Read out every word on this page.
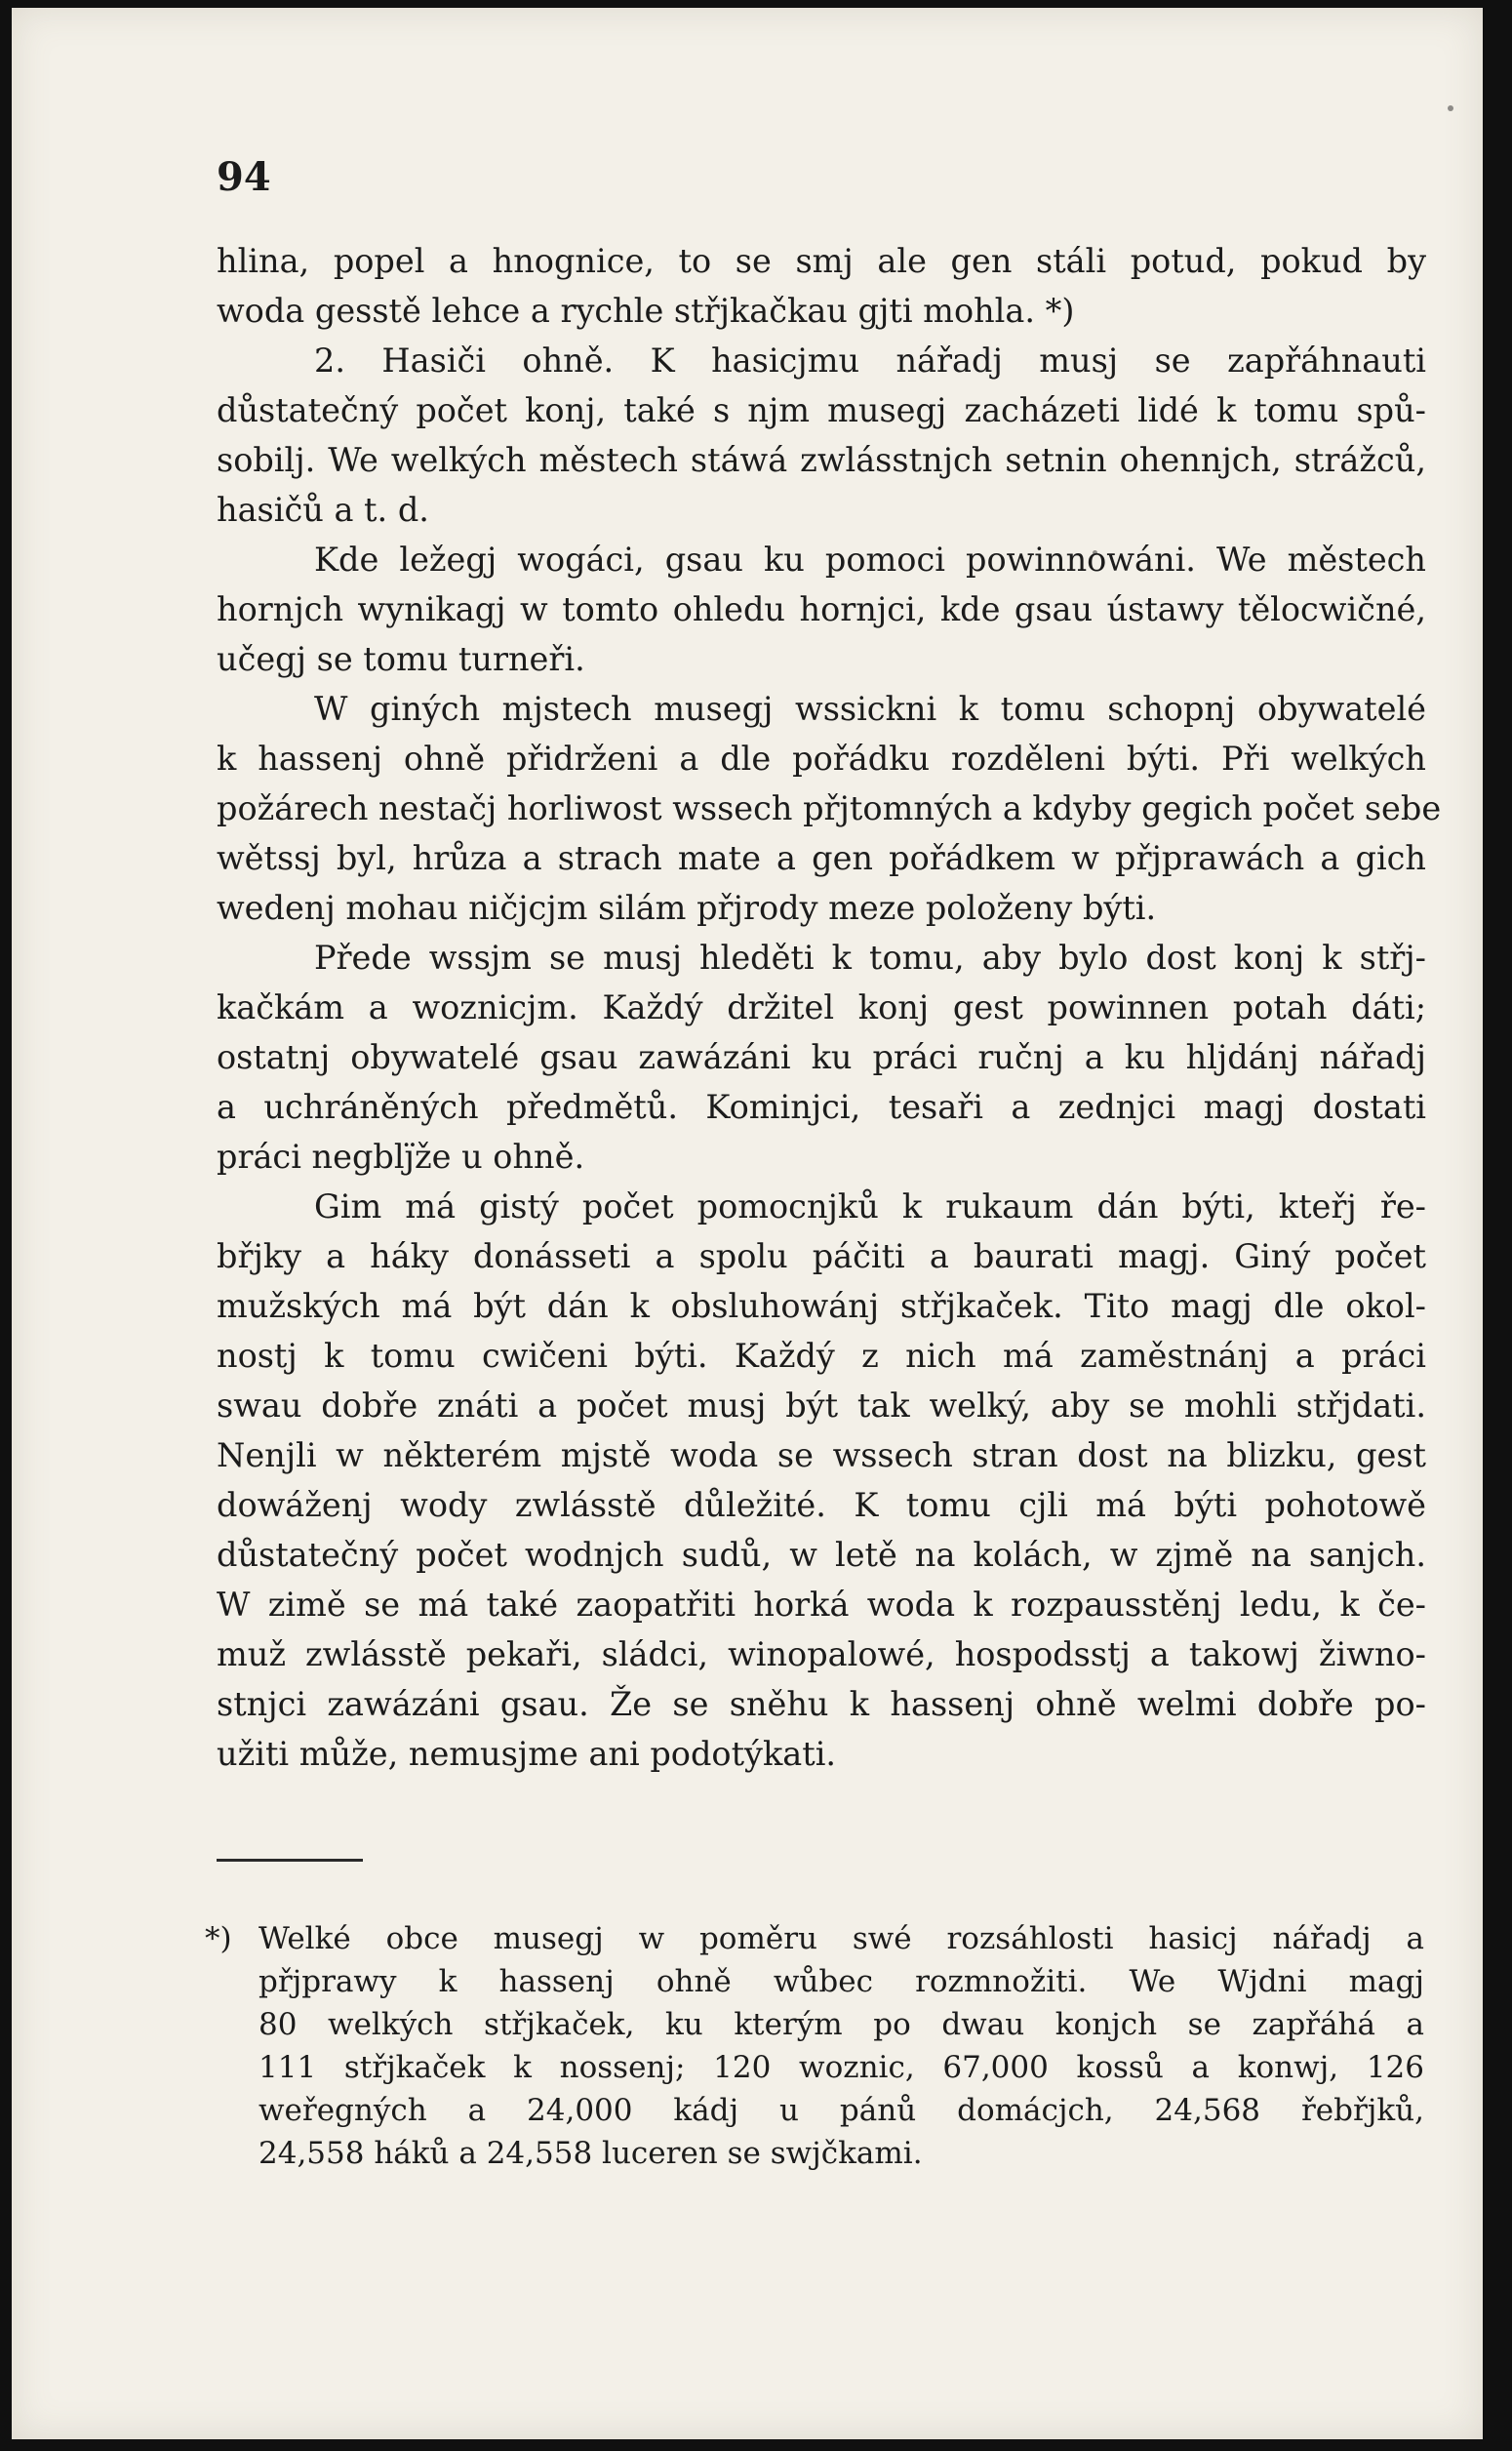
94
hlina, popel a hnognice, to se smj ale gen stáli potud, pokud by
woda gesstě lehce a rychle střjkačkau gjti mohla. *)
2. Hasiči ohně. K hasicjmu nářadj musj se zapřáhnauti
důstatečný počet konj, také s njm musegj zacházeti lidé k tomu spů-
sobilj. We welkých městech stáwá zwlásstnjch setnin ohennjch, strážců,
hasičů a t. d.
Kde ležegj wogáci, gsau ku pomoci powinnowáni. We městech
hornjch wynikagj w tomto ohledu hornjci, kde gsau ústawy tělocwičné,
učegj se tomu turneři.
W giných mjstech musegj wssickni k tomu schopnj obywatelé
k hassenj ohně přidrženi a dle pořádku rozděleni býti. Při welkých
požárech nestačj horliwost wssech přjtomných a kdyby gegich počet sebe
wětssj byl, hrůza a strach mate a gen pořádkem w přjprawách a gich
wedenj mohau ničjcjm silám přjrody meze položeny býti.
Přede wssjm se musj hleděti k tomu, aby bylo dost konj k střj-
kačkám a woznicjm. Každý držitel konj gest powinnen potah dáti;
ostatnj obywatelé gsau zawázáni ku práci ručnj a ku hljdánj nářadj
a uchráněných předmětů. Kominjci, tesaři a zednjci magj dostati
práci negblj̈že u ohně.
Gim má gistý počet pomocnjků k rukaum dán býti, kteřj ře-
břjky a háky donásseti a spolu páčiti a baurati magj. Giný počet
mužských má být dán k obsluhowánj střjkaček. Tito magj dle okol-
nostj k tomu cwičeni býti. Každý z nich má zaměstnánj a práci
swau dobře znáti a počet musj být tak welký, aby se mohli střjdati.
Nenjli w některém mjstě woda se wssech stran dost na blizku, gest
dowáženj wody zwlásstě důležité. K tomu cjli má býti pohotowě
důstatečný počet wodnjch sudů, w letě na kolách, w zjmě na sanjch.
W zimě se má také zaopatřiti horká woda k rozpausstěnj ledu, k če-
muž zwlásstě pekaři, sládci, winopalowé, hospodsstj a takowj žiwno-
stnjci zawázáni gsau. Že se sněhu k hassenj ohně welmi dobře po-
užiti může, nemusjme ani podotýkati.
*) Welké obce musegj w poměru swé rozsáhlosti hasicj nářadj a
přjprawy k hassenj ohně wůbec rozmnožiti. We Wjdni magj
80 welkých střjkaček, ku kterým po dwau konjch se zapřáhá a
111 střjkaček k nossenj; 120 woznic, 67,000 kossů a konwj, 126
weřegných a 24,000 kádj u pánů domácjch, 24,568 řebřjků,
24,558 háků a 24,558 luceren se swjčkami.
